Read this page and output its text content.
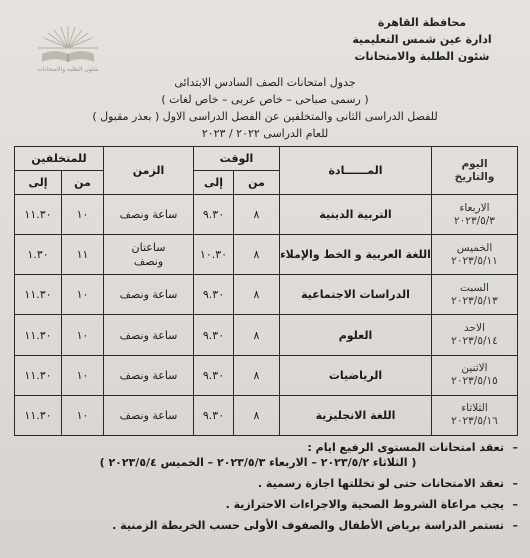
محافظة القاهرة
ادارة عين شمس التعليمية
شئون الطلبة والامتحانات
شئون الطلبة والامتحانات
جدول امتحانات الصف السادس الابتدائى
( رسمى صباحى – خاص عربى – خاص لغات )
للفصل الدراسى الثانى والمتخلفين عن الفصل الدراسى الاول ( بعذر مقبول )
للعام الدراسى ٢٠٢٢ / ٢٠٢٣
اليوم والتاريخ	المــــــادة	الوقت		الزمن	للمتخلفين	
		من	إلى		من	إلى

الاربعاء
٢٠٢٣/٥/٣	التربية الدينية	٨	٩.٣٠	ساعة ونصف	١٠	١١.٣٠

الخميس
٢٠٢٣/٥/١١	اللغة العربية و الخط والإملاء	٨	١٠.٣٠	ساعتان ونصف	١١	١.٣٠

السبت
٢٠٢٣/٥/١٣	الدراسات الاجتماعية	٨	٩.٣٠	ساعة ونصف	١٠	١١.٣٠

الاحد
٢٠٢٣/٥/١٤	العلوم	٨	٩.٣٠	ساعة ونصف	١٠	١١.٣٠

الاثنين
٢٠٢٣/٥/١٥	الرياضيات	٨	٩.٣٠	ساعة ونصف	١٠	١١.٣٠

الثلاثاء
٢٠٢٣/٥/١٦	اللغة الانجليزية	٨	٩.٣٠	ساعة ونصف	١٠	١١.٣٠
–
تعقد امتحانات المستوى الرفيع ايام :
( الثلاثاء ٢٠٢٣/٥/٢ – الاربعاء ٢٠٢٣/٥/٣ – الخميس ٢٠٢٣/٥/٤ )
–
تعقد الامتحانات حتى لو تخللتها اجازة رسمية .
–
يجب مراعاة الشروط الصحية والاجراءات الاحترازية .
–
تستمر الدراسة برياض الأطفال والصفوف الأولى حسب الخريطة الزمنية .
